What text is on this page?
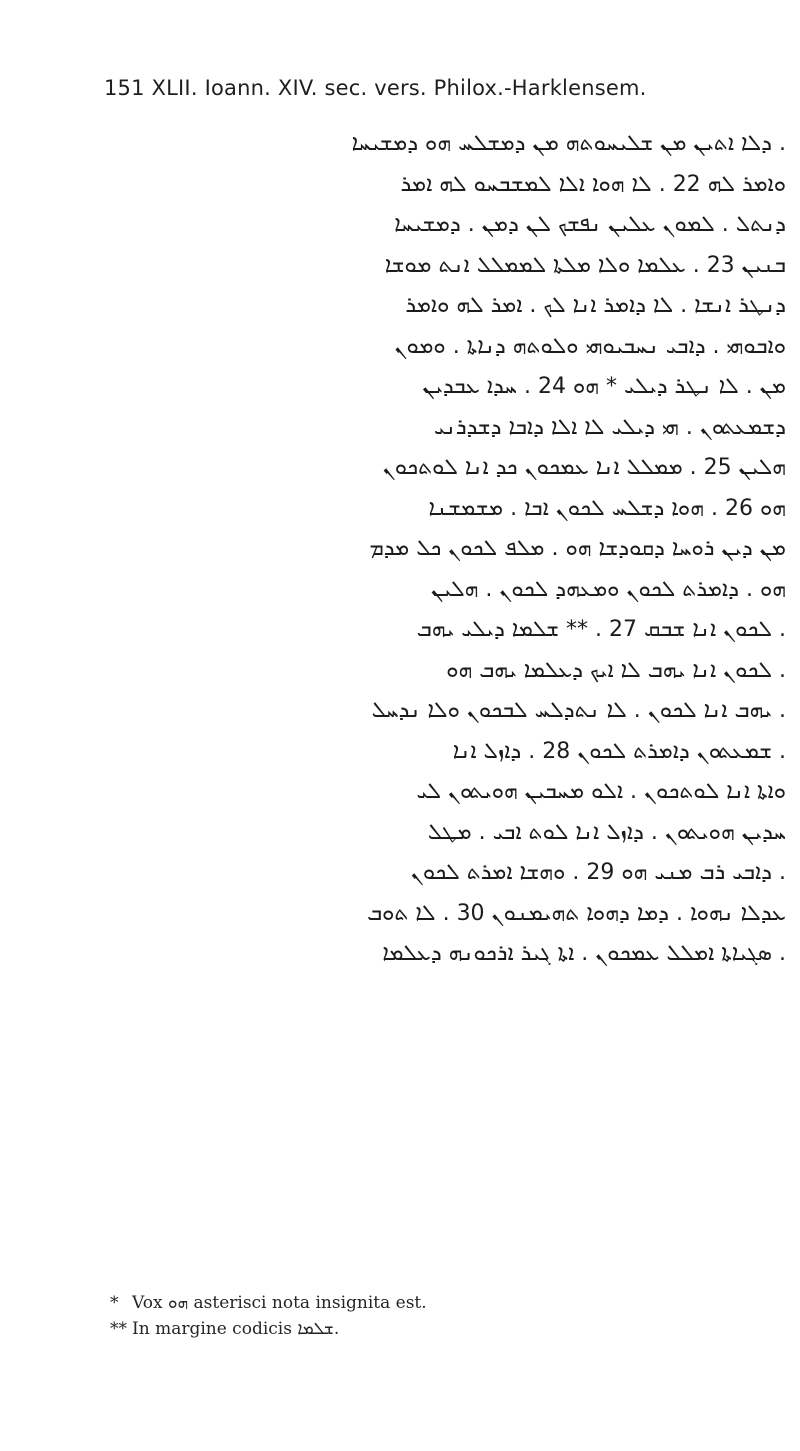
151 XLII. Ioann. XIV. sec. vers. Philox.-Harklensem.
. ܕܠܐ ܐܬܝܢ ܡܢ ܫܠܝܚܘܬܗ ܡܢ ܕܡܫܠܚ ܗܘ ܕܡܫܝܚܐ
ܘܐܡܪ ܠܗ 22 . ܠܐ ܗܘܐ ܐܠܐ ܠܡܫܒܚܘ ܠܗ ܐܡܪ
ܕܢܬܠ . ܠܡܘܢ ܥܠܝܢ ܢܦܫܟ ܠܢ ܕܡܢ . ܕܡܫܝܚܐ
ܒܢܝܢ 23 . ܥܠܡܐ ܘܠܐ ܡܠܬܐ ܠܡܡܠܠ ܐܢܬ ܡܘܫܐ
ܕܢܛܪ ܐܢܫܐ . ܠܐ ܕܐܡܪ ܐܢܐ ܠܟ . ܐܡܪ ܠܗ ܘܐܡܪ
ܘܐܒܘܗܝ . ܕܐܒܝ ܢܚܒܝܘܗܝ ܘܠܘܬܗ ܕܢܐܬܐ . ܘܡܘܢ
ܡܢ . ܠܐ ܢܛܪ ܕܝܠܝ * ܗܘ 24 . ܚܕܐ ܥܒܕܝܢ
ܕܫܡܥܬܘܢ . ܗܝ ܕܝܠܝ ܠܐ ܐܠܐ ܕܐܒܐ ܕܫܕܪܢܝ
ܗܠܝܢ 25 . ܡܡܠܠ ܐܢܐ ܥܡܟܘܢ ܟܕ ܐܢܐ ܠܘܬܟܘܢ
ܗܘ 26 . ܗܘܐ ܕܫܠܚ ܠܟܘܢ ܐܒܐ . ܡܫܡܫܢܐ
ܡܢ ܕܝܢ ܪܘܚܐ ܕܩܘܕܫܐ ܗܘ . ܡܠܦ ܠܟܘܢ ܟܠ ܡܕܡ
ܗܘ . ܕܐܡܪܬ ܠܟܘܢ ܘܡܥܗܕ ܠܟܘܢ . ܗܠܝܢ
. ܠܟܘܢ ܐܢܐ ܫܒܩ 27 . ** ܫܠܡܐ ܕܝܠܝ ܝܗܒ
. ܠܟܘܢ ܐܢܐ ܝܗܒ ܠܐ ܐܝܟ ܕܥܠܡܐ ܝܗܒ ܗܘ
. ܝܗܒ ܐܢܐ ܠܟܘܢ . ܠܐ ܢܬܕܠܚ ܠܒܟܘܢ ܘܠܐ ܢܕܚܠ
. ܫܡܥܬܘܢ ܕܐܡܪܬ ܠܟܘܢ 28 . ܕܐܙܠ ܐܢܐ
ܘܐܬܐ ܐܢܐ ܠܘܬܟܘܢ . ܐܠܘ ܡܚܒܝܢ ܗܘܝܬܘܢ ܠܝ
ܚܕܝܢ ܗܘܝܬܘܢ . ܕܐܙܠ ܐܢܐ ܠܘܬ ܐܒܝ . ܡܛܠ
. ܕܐܒܝ ܪܒ ܡܢܝ ܗܘ 29 . ܘܗܫܐ ܐܡܪܬ ܠܟܘܢ
ܥܕܠܐ ܢܗܘܐ . ܕܡܐ ܕܗܘܐ ܬܗܝܡܢܘܢ 30 . ܠܐ ܬܘܒ
. ܣܓܝܐܬܐ ܐܡܠܠ ܥܡܟܘܢ . ܐܬܐ ܓܝܪ ܐܪܟܘܢܗ ܕܥܠܡܐ
* Vox ܗܘ asterisci nota insignita est.
** In margine codicis ܫܠܡܐ.
